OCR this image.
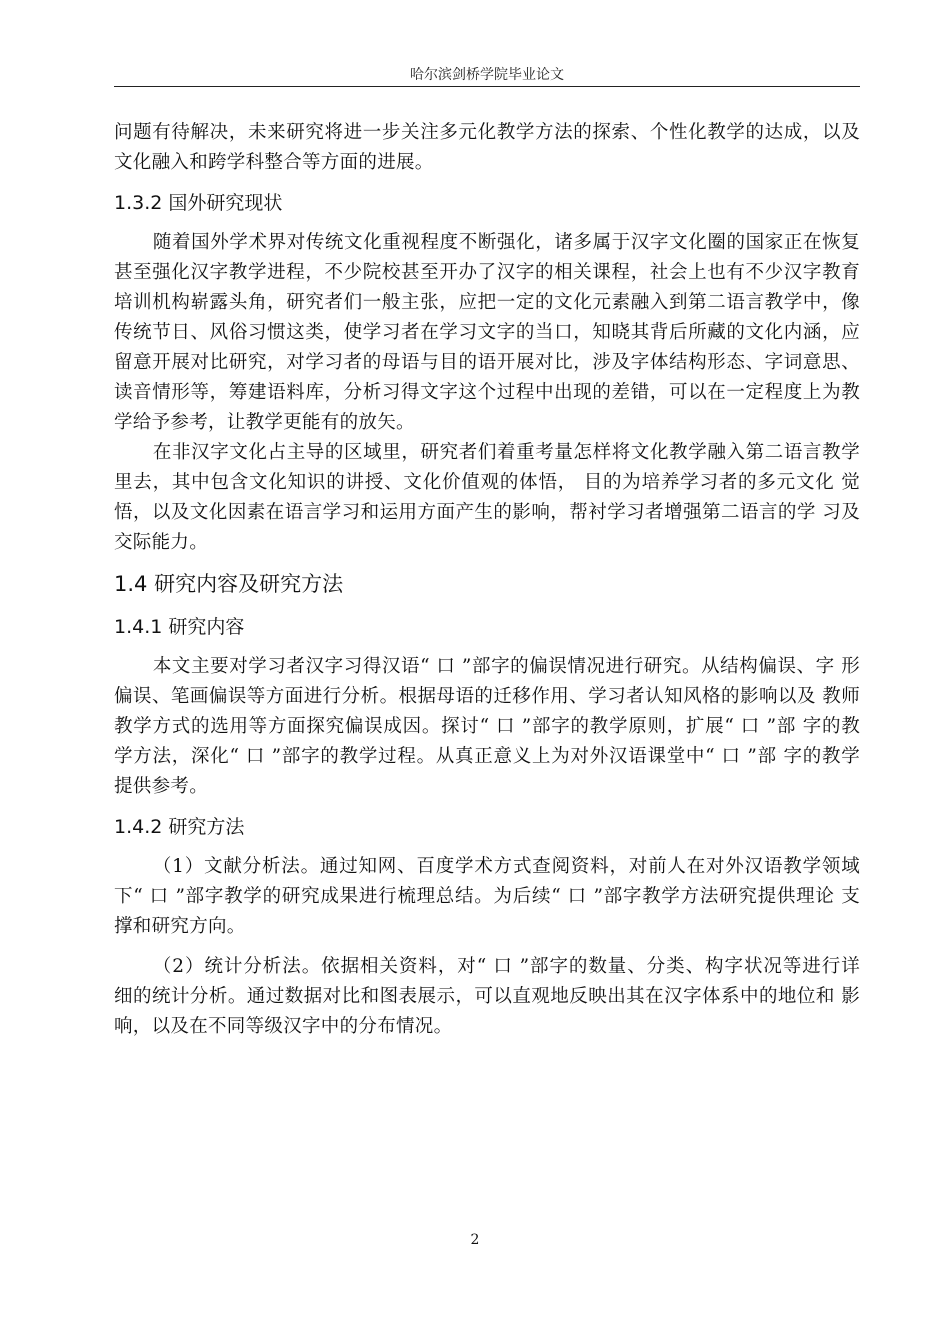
哈尔滨剑桥学院毕业论文

问题有待解决，未来研究将进一步关注多元化教学方法的探索、个性化教学的达成，以及文化融入和跨学科整合等方面的进展。

1.3.2 国外研究现状

随着国外学术界对传统文化重视程度不断强化，诸多属于汉字文化圈的国家正在恢复甚至强化汉字教学进程，不少院校甚至开办了汉字的相关课程，社会上也有不少汉字教育培训机构崭露头角，研究者们一般主张，应把一定的文化元素融入到第二语言教学中，像传统节日、风俗习惯这类，使学习者在学习文字的当口，知晓其背后所藏的文化内涵，应留意开展对比研究，对学习者的母语与目的语开展对比，涉及字体结构形态、字词意思、读音情形等，筹建语料库，分析习得文字这个过程中出现的差错，可以在一定程度上为教学给予参考，让教学更能有的放矢。

在非汉字文化占主导的区域里，研究者们着重考量怎样将文化教学融入第二语言教学里去，其中包含文化知识的讲授、文化价值观的体悟， 目的为培养学习者的多元文化 觉悟，以及文化因素在语言学习和运用方面产生的影响，帮衬学习者增强第二语言的学 习及交际能力。

1.4 研究内容及研究方法
1.4.1 研究内容

本文主要对学习者汉字习得汉语“ 口 ”部字的偏误情况进行研究。从结构偏误、字 形偏误、笔画偏误等方面进行分析。根据母语的迁移作用、学习者认知风格的影响以及 教师教学方式的选用等方面探究偏误成因。探讨“ 口 ”部字的教学原则，扩展“ 口 ”部 字的教学方法，深化“ 口 ”部字的教学过程。从真正意义上为对外汉语课堂中“ 口 ”部 字的教学提供参考。

1.4.2 研究方法

（1）文献分析法。通过知网、百度学术方式查阅资料，对前人在对外汉语教学领域下“ 口 ”部字教学的研究成果进行梳理总结。为后续“ 口 ”部字教学方法研究提供理论 支撑和研究方向。

（2）统计分析法。依据相关资料，对“ 口 ”部字的数量、分类、构字状况等进行详 细的统计分析。通过数据对比和图表展示，可以直观地反映出其在汉字体系中的地位和 影响，以及在不同等级汉字中的分布情况。

2
